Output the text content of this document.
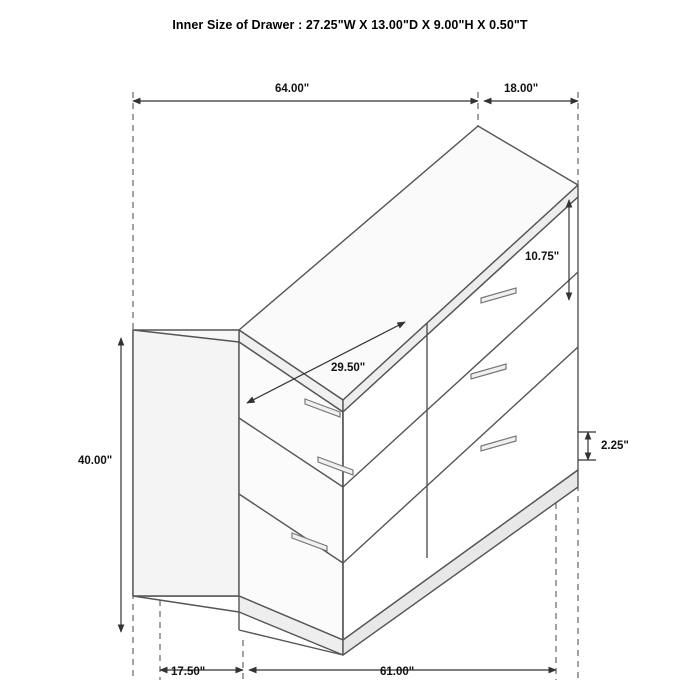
Inner Size of Drawer : 27.25"W X 13.00"D X 9.00"H X 0.50"T
64.00"	18.00"
10.75"
29.50"
40.00"
2.25"
17.50"	61.00"
